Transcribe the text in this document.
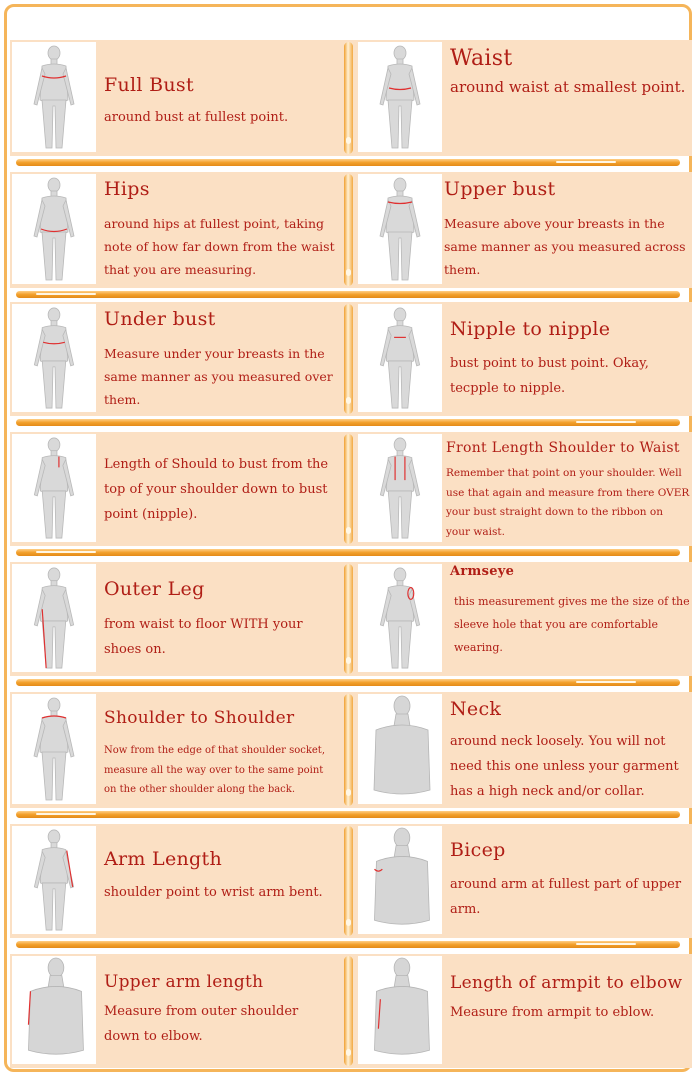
Full Bust
around bust at fullest point.
Waist
around waist at smallest point.
Hips
around hips at fullest point, taking note of how far down from the waist that you are measuring.
Upper bust
Measure above your breasts in the same manner as you measured across them.
Under bust
Measure under your breasts in the same manner as you measured over them.
Nipple to nipple
bust point to bust point. Okay, tecpple to nipple.
Length of Should to bust from the top of your shoulder down to bust point (nipple).
Front Length Shoulder to Waist
Remember that point on your shoulder. Well use that again and measure from there OVER your bust straight down to the ribbon on your waist.
Outer Leg
from waist to floor WITH your shoes on.
Armseye
this measurement gives me the size of the sleeve hole that you are comfortable wearing.
Shoulder to Shoulder
Now from the edge of that shoulder socket, measure all the way over to the same point on the other shoulder along the back.
Neck
around neck loosely. You will not need this one unless your garment has a high neck and/or collar.
Arm Length
shoulder point to wrist arm bent.
Bicep
around arm at fullest part of upper arm.
Upper arm length
Measure from outer shoulder down to elbow.
Length of armpit to elbow
Measure from armpit to eblow.
